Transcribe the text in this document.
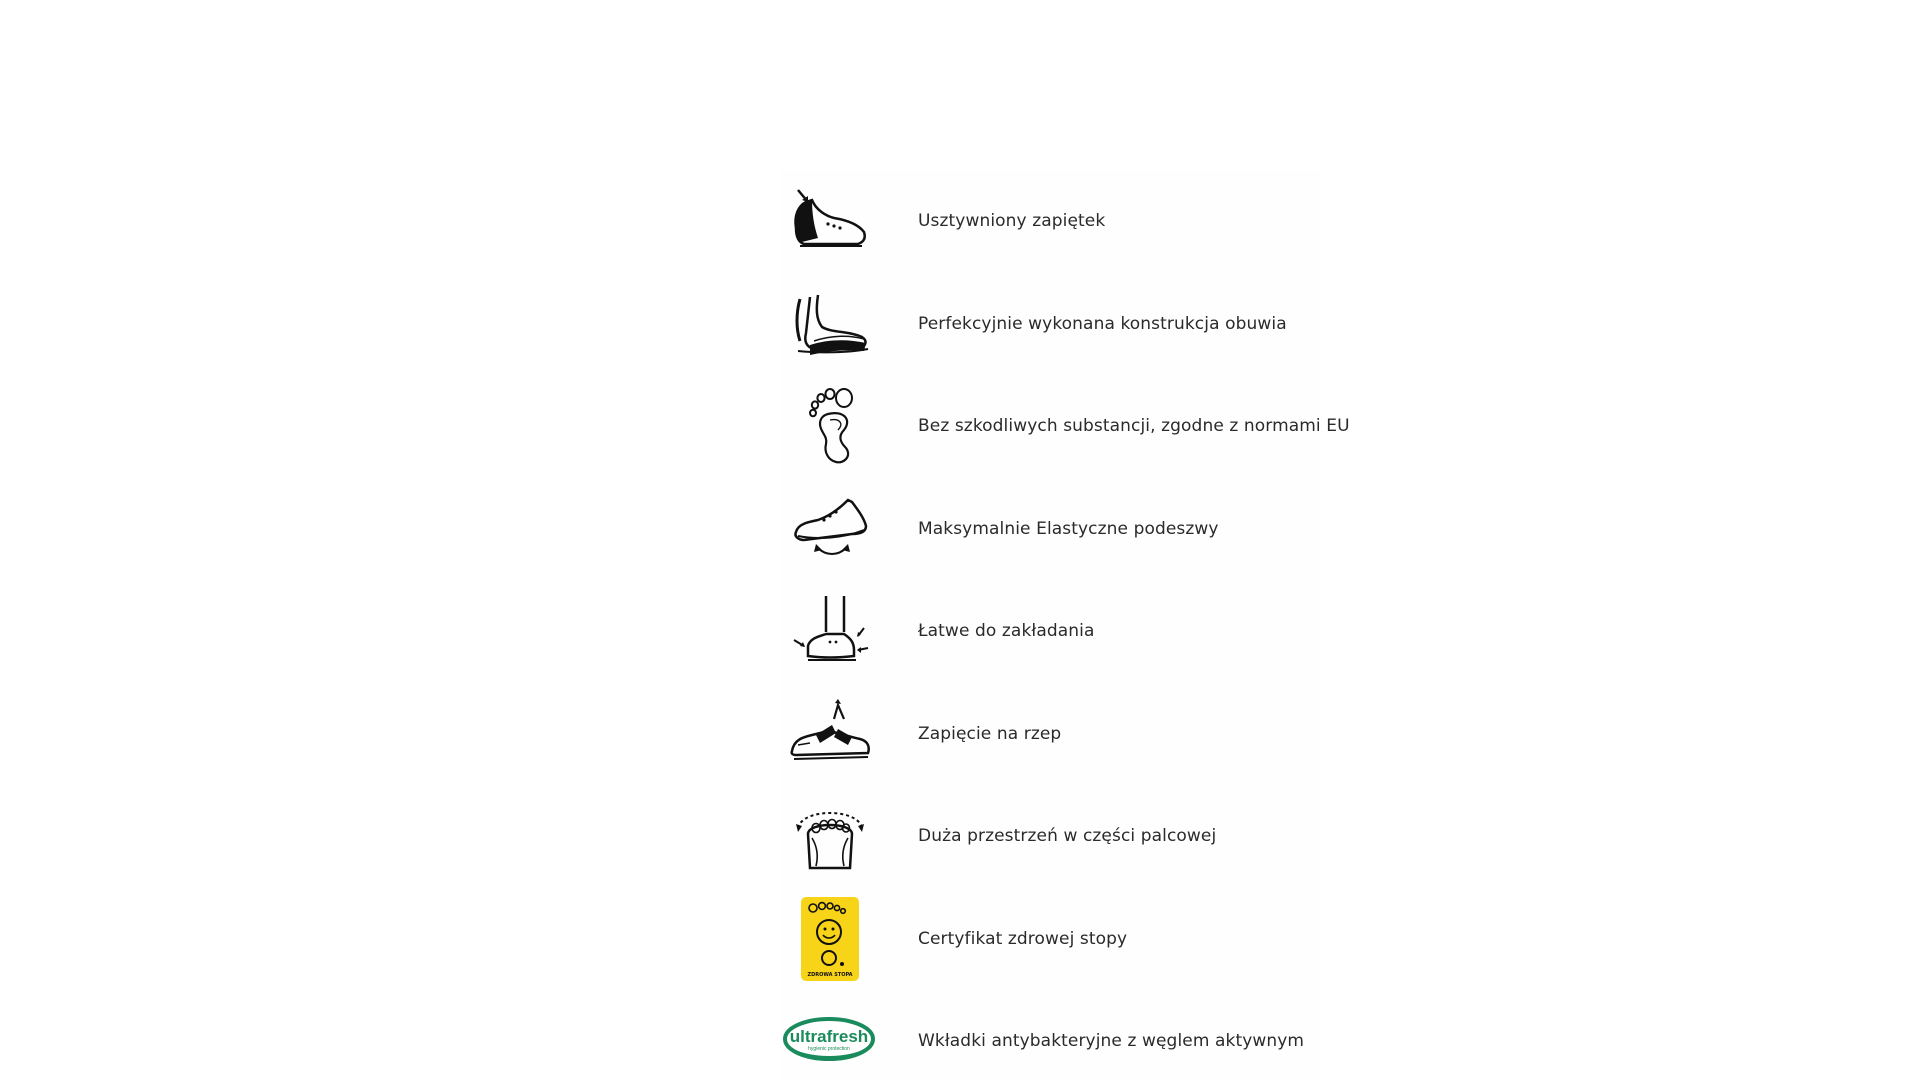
Usztywniony zapiętek
Perfekcyjnie wykonana konstrukcja obuwia
Bez szkodliwych substancji, zgodne z normami EU
Maksymalnie Elastyczne podeszwy
Łatwe do zakładania
Zapięcie na rzep
Duża przestrzeń w części palcowej
ZDROWA STOPA
Certyfikat zdrowej stopy
ultrafresh
hygienic protection	Wkładki antybakteryjne z węglem aktywnym
